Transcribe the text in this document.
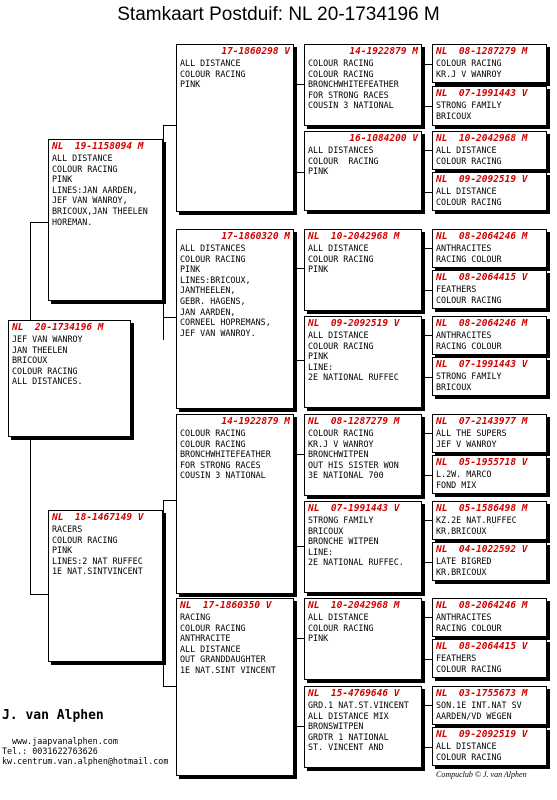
Stamkaart Postduif: NL 20-1734196 M
NL  20-1734196 M
JEF VAN WANROY
JAN THEELEN
BRICOUX
COLOUR RACING
ALL DISTANCES.
NL  19-1158094 M
ALL DISTANCE
COLOUR RACING
PINK
LINES:JAN AARDEN,
JEF VAN WANROY,
BRICOUX,JAN THEELEN
HOREMAN.
NL  18-1467149 V
RACERS
COLOUR RACING
PINK
LINES:2 NAT RUFFEC
1E NAT.SINTVINCENT
17-1860298 V
ALL DISTANCE
COLOUR RACING
PINK
17-1860320 M
ALL DISTANCES
COLOUR RACING
PINK
LINES:BRICOUX,
JANTHEELEN,
GEBR. HAGENS,
JAN AARDEN,
CORNEEL HOPREMANS,
JEF VAN WANROY.
14-1922879 M
COLOUR RACING
COLOUR RACING
BRONCHWHITEFEATHER
FOR STRONG RACES
COUSIN 3 NATIONAL
NL  17-1860350 V
RACING
COLOUR RACING
ANTHRACITE
ALL DISTANCE
OUT GRANDDAUGHTER
1E NAT.SINT VINCENT
14-1922879 M
COLOUR RACING
COLOUR RACING
BRONCHWHITEFEATHER
FOR STRONG RACES
COUSIN 3 NATIONAL
16-1084200 V
ALL DISTANCES
COLOUR  RACING
PINK
NL  10-2042968 M
ALL DISTANCE
COLOUR RACING
PINK
NL  09-2092519 V
ALL DISTANCE
COLOUR RACING
PINK
LINE:
2E NATIONAL RUFFEC
NL  08-1287279 M
COLOUR RACING
KR.J V WANROY
BRONCHWITPEN
OUT HIS SISTER WON
3E NATIONAL 700
NL  07-1991443 V
STRONG FAMILY
BRICOUX
BRONCHE WITPEN
LINE:
2E NATIONAL RUFFEC.
NL  10-2042968 M
ALL DISTANCE
COLOUR RACING
PINK
NL  15-4769646 V
GRD.1 NAT.ST.VINCENT
ALL DISTANCE MIX
BRONSWITPEN
GRDTR 1 NATIONAL
ST. VINCENT AND
NL  08-1287279 M
COLOUR RACING
KR.J V WANROY
NL  07-1991443 V
STRONG FAMILY
BRICOUX
NL  10-2042968 M
ALL DISTANCE
COLOUR RACING
NL  09-2092519 V
ALL DISTANCE
COLOUR RACING
NL  08-2064246 M
ANTHRACITES
RACING COLOUR
NL  08-2064415 V
FEATHERS
COLOUR RACING
NL  08-2064246 M
ANTHRACITES
RACING COLOUR
NL  07-1991443 V
STRONG FAMILY
BRICOUX
NL  07-2143977 M
ALL THE SUPERS
JEF V WANROY
NL  05-1955718 V
L.2W. MARCO
FOND MIX
NL  05-1586498 M
KZ.2E NAT.RUFFEC
KR.BRICOUX
NL  04-1022592 V
LATE BIGRED
KR.BRICOUX
NL  08-2064246 M
ANTHRACITES
RACING COLOUR
NL  08-2064415 V
FEATHERS
COLOUR RACING
NL  03-1755673 M
SON.1E INT.NAT SV
AARDEN/VD WEGEN
NL  09-2092519 V
ALL DISTANCE
COLOUR RACING
J. van Alphen
www.jaapvanalphen.com
Tel.: 0031622763626
kw.centrum.van.alphen@hotmail.com
Compuclub © J. van Alphen
